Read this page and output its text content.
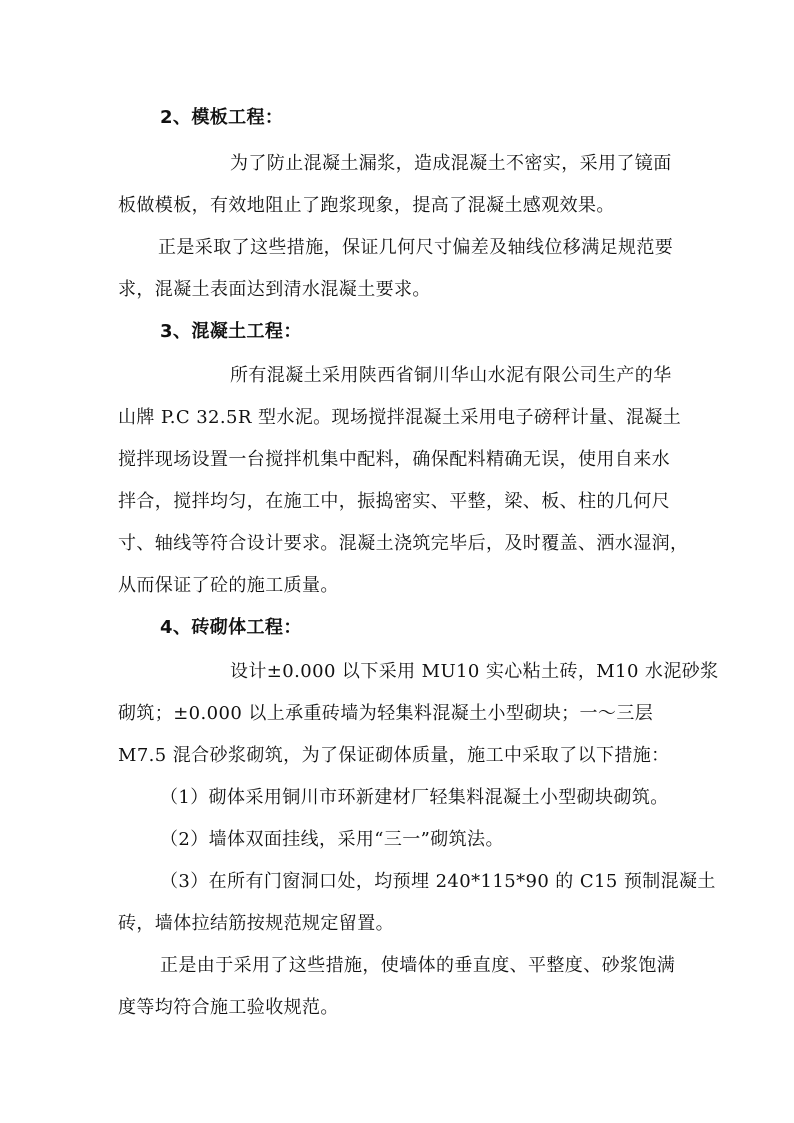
2、模板工程：
为了防止混凝土漏浆，造成混凝土不密实，采用了镜面
板做模板，有效地阻止了跑浆现象，提高了混凝土感观效果。
正是采取了这些措施，保证几何尺寸偏差及轴线位移满足规范要
求，混凝土表面达到清水混凝土要求。
3、混凝土工程：
所有混凝土采用陕西省铜川华山水泥有限公司生产的华
山牌 P.C 32.5R 型水泥。现场搅拌混凝土采用电子磅秤计量、混凝土
搅拌现场设置一台搅拌机集中配料，确保配料精确无误，使用自来水
拌合，搅拌均匀，在施工中，振捣密实、平整，梁、板、柱的几何尺
寸、轴线等符合设计要求。混凝土浇筑完毕后，及时覆盖、洒水湿润，
从而保证了砼的施工质量。
4、砖砌体工程：
设计±0.000 以下采用 MU10 实心粘土砖，M10 水泥砂浆
砌筑；±0.000 以上承重砖墙为轻集料混凝土小型砌块；一～三层
M7.5 混合砂浆砌筑，为了保证砌体质量，施工中采取了以下措施：
（1）砌体采用铜川市环新建材厂轻集料混凝土小型砌块砌筑。
（2）墙体双面挂线，采用“三一”砌筑法。
（3）在所有门窗洞口处，均预埋 240*115*90 的 C15 预制混凝土
砖，墙体拉结筋按规范规定留置。
正是由于采用了这些措施，使墙体的垂直度、平整度、砂浆饱满
度等均符合施工验收规范。
